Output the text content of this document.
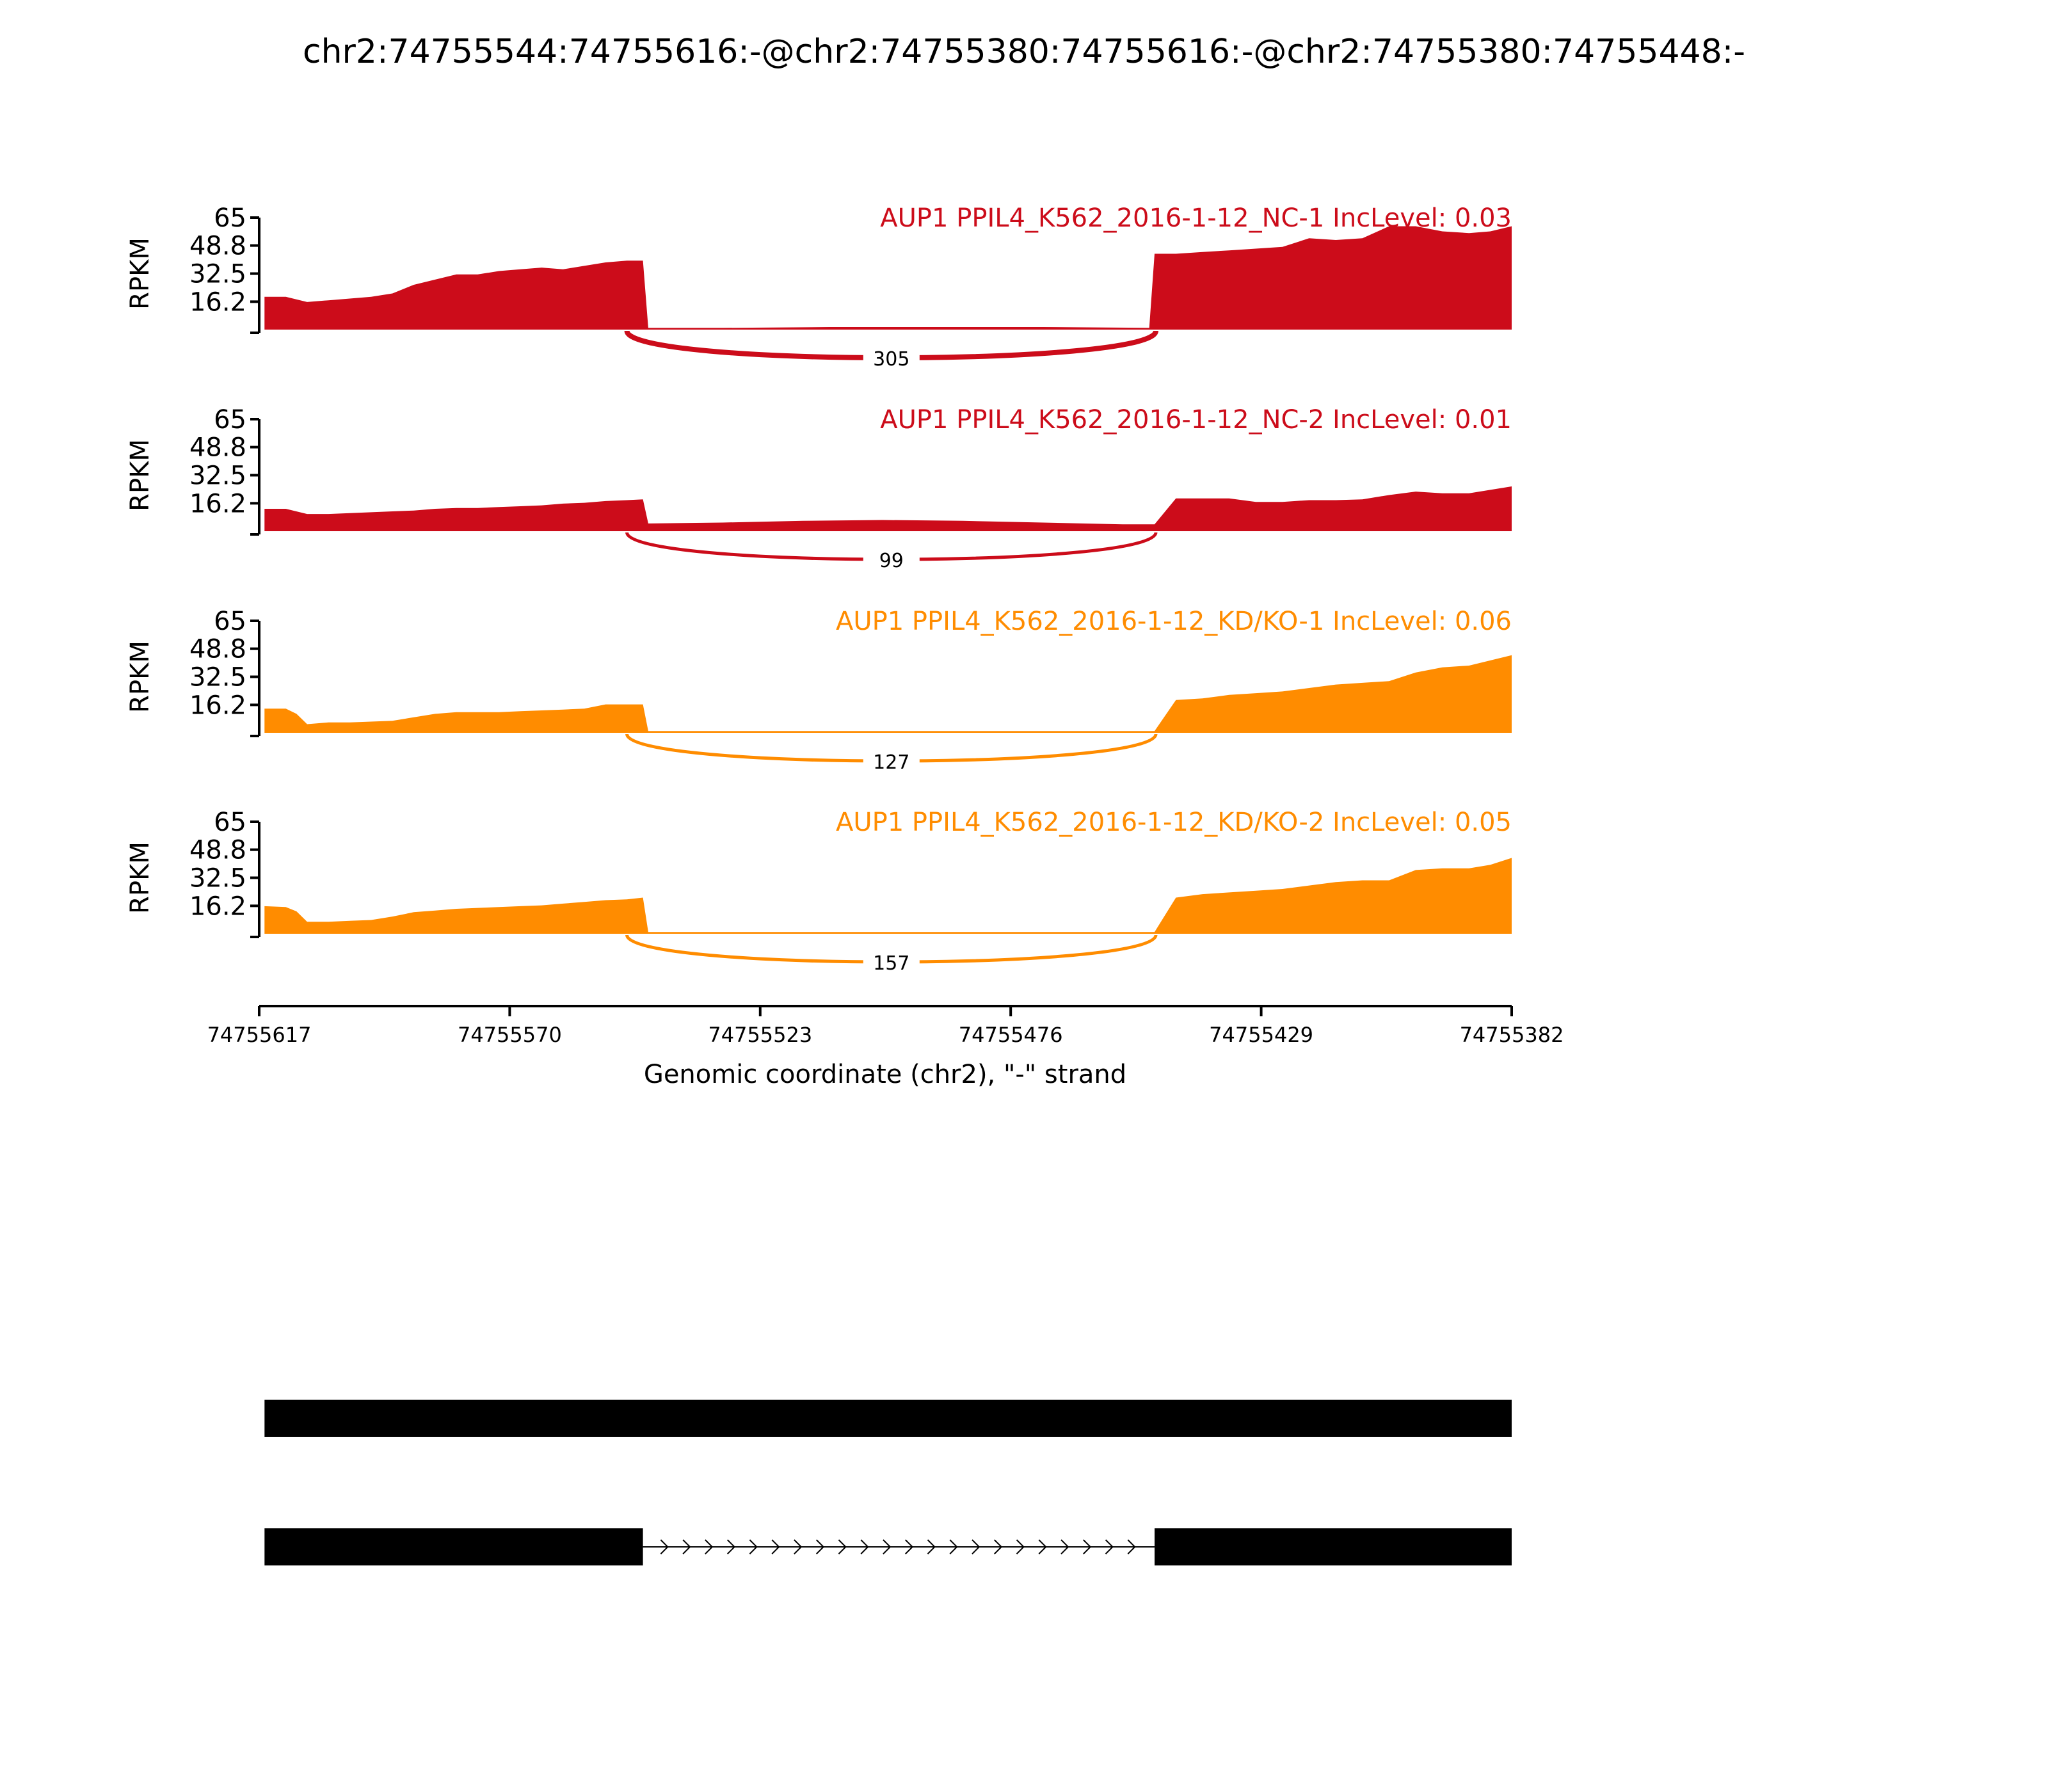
chr2:74755544:74755616:-@chr2:74755380:74755616:-@chr2:74755380:74755448:-
16.2
32.5
48.8
65
RPKM
305
AUP1 PPIL4_K562_2016-1-12_NC-1 IncLevel: 0.03
16.2
32.5
48.8
65
RPKM
99
AUP1 PPIL4_K562_2016-1-12_NC-2 IncLevel: 0.01
16.2
32.5
48.8
65
RPKM
127
AUP1 PPIL4_K562_2016-1-12_KD/KO-1 IncLevel: 0.06
16.2
32.5
48.8
65
RPKM
157
AUP1 PPIL4_K562_2016-1-12_KD/KO-2 IncLevel: 0.05
74755617	74755570	74755523	74755476	74755429	74755382
Genomic coordinate (chr2), "-" strand
